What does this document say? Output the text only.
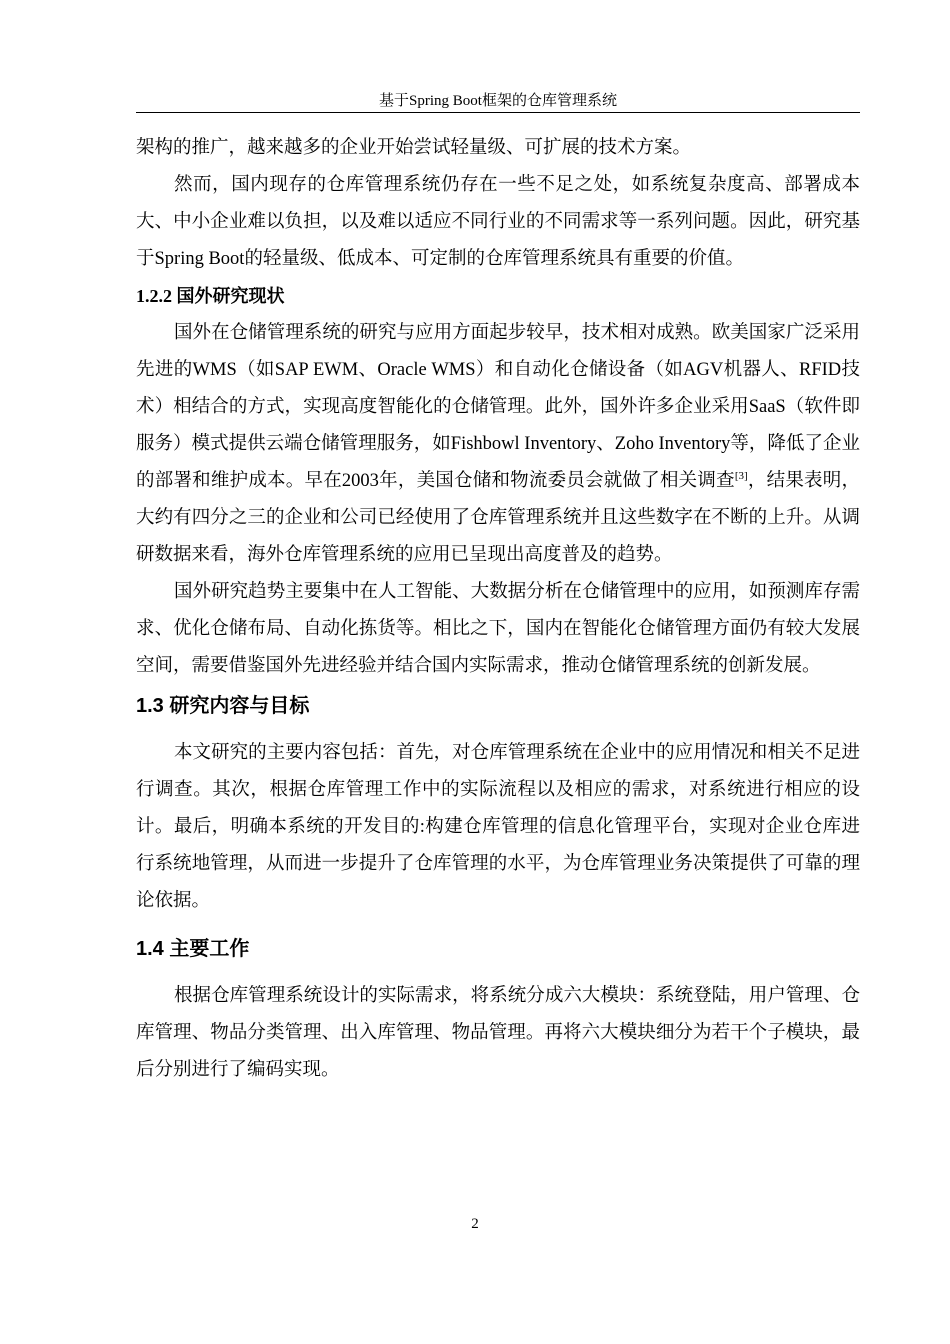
基于Spring Boot框架的仓库管理系统

架构的推广，越来越多的企业开始尝试轻量级、可扩展的技术方案。

然而，国内现存的仓库管理系统仍存在一些不足之处，如系统复杂度高、部署成本大、中小企业难以负担，以及难以适应不同行业的不同需求等一系列问题。因此，研究基于Spring Boot的轻量级、低成本、可定制的仓库管理系统具有重要的价值。

1.2.2 国外研究现状

国外在仓储管理系统的研究与应用方面起步较早，技术相对成熟。欧美国家广泛采用先进的WMS（如SAP EWM、Oracle WMS）和自动化仓储设备（如AGV机器人、RFID技术）相结合的方式，实现高度智能化的仓储管理。此外，国外许多企业采用SaaS（软件即服务）模式提供云端仓储管理服务，如Fishbowl Inventory、Zoho Inventory等，降低了企业的部署和维护成本。早在2003年，美国仓储和物流委员会就做了相关调查[3]，结果表明，大约有四分之三的企业和公司已经使用了仓库管理系统并且这些数字在不断的上升。从调研数据来看，海外仓库管理系统的应用已呈现出高度普及的趋势。

国外研究趋势主要集中在人工智能、大数据分析在仓储管理中的应用，如预测库存需求、优化仓储布局、自动化拣货等。相比之下，国内在智能化仓储管理方面仍有较大发展空间，需要借鉴国外先进经验并结合国内实际需求，推动仓储管理系统的创新发展。

1.3 研究内容与目标

本文研究的主要内容包括：首先，对仓库管理系统在企业中的应用情况和相关不足进行调查。其次，根据仓库管理工作中的实际流程以及相应的需求，对系统进行相应的设计。最后，明确本系统的开发目的:构建仓库管理的信息化管理平台，实现对企业仓库进行系统地管理，从而进一步提升了仓库管理的水平，为仓库管理业务决策提供了可靠的理论依据。

1.4 主要工作

根据仓库管理系统设计的实际需求，将系统分成六大模块：系统登陆，用户管理、仓库管理、物品分类管理、出入库管理、物品管理。再将六大模块细分为若干个子模块，最后分别进行了编码实现。

2
